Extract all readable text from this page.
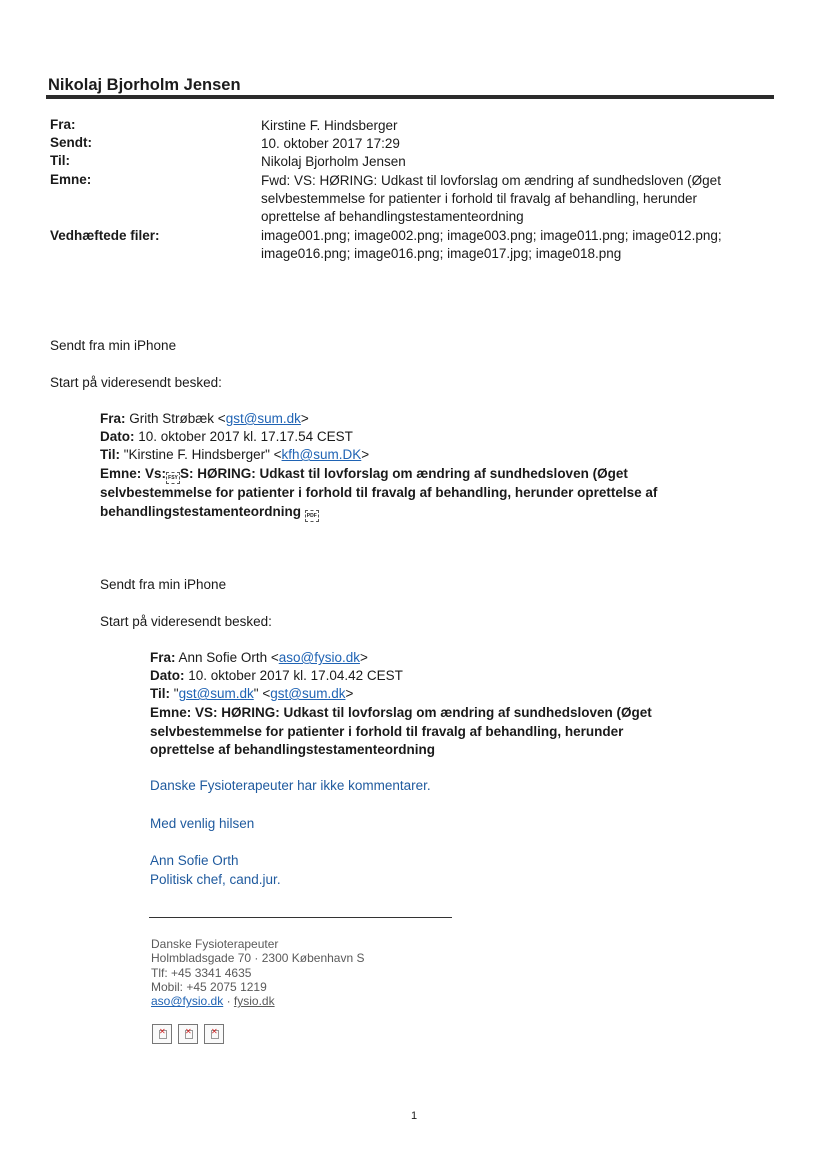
Nikolaj Bjorholm Jensen
Fra:	Kirstine F. Hindsberger
Sendt:	10. oktober 2017 17:29
Til:	Nikolaj Bjorholm Jensen
Emne:	Fwd: VS: HØRING: Udkast til lovforslag om ændring af sundhedsloven (Øget
selvbestemmelse for patienter i forhold til fravalg af behandling, herunder
oprettelse af behandlingstestamenteordning
Vedhæftede filer:	image001.png; image002.png; image003.png; image011.png; image012.png;
image016.png; image016.png; image017.jpg; image018.png
Sendt fra min iPhone
Start på videresendt besked:
Fra: Grith Strøbæk <gst@sum.dk>
Dato: 10. oktober 2017 kl. 17.17.54 CEST
Til: "Kirstine F. Hindsberger" <kfh@sum.DK>
Emne: Vs: FSY S: HØRING: Udkast til lovforslag om ændring af sundhedsloven (Øget
selvbestemmelse for patienter i forhold til fravalg af behandling, herunder oprettelse af
behandlingstestamenteordning PDF
Sendt fra min iPhone
Start på videresendt besked:
Fra: Ann Sofie Orth <aso@fysio.dk>
Dato: 10. oktober 2017 kl. 17.04.42 CEST
Til: "gst@sum.dk" <gst@sum.dk>
Emne: VS: HØRING: Udkast til lovforslag om ændring af sundhedsloven (Øget
selvbestemmelse for patienter i forhold til fravalg af behandling, herunder
oprettelse af behandlingstestamenteordning
Danske Fysioterapeuter har ikke kommentarer.
Med venlig hilsen
Ann Sofie Orth
Politisk chef, cand.jur.
Danske Fysioterapeuter
Holmbladsgade 70 · 2300 København S
Tlf: +45 3341 4635
Mobil: +45 2075 1219
aso@fysio.dk · fysio.dk
✕
✕
✕
1
